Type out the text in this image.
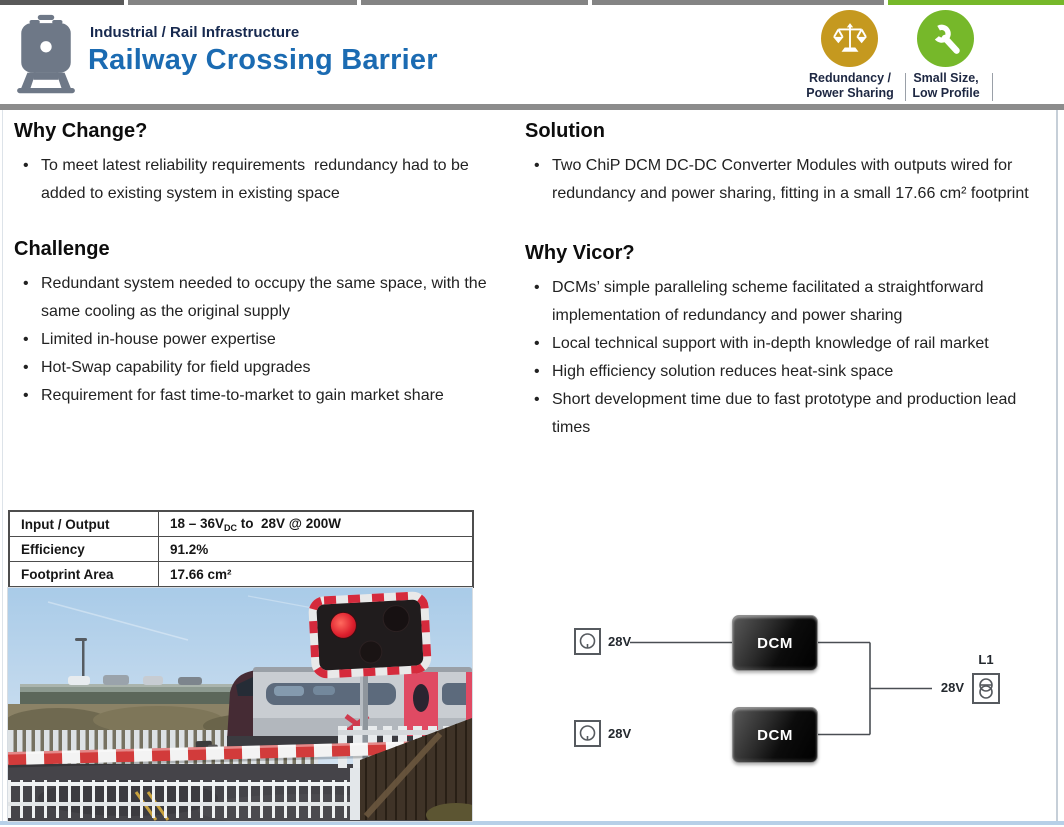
Industrial / Rail Infrastructure
Railway Crossing Barrier
Redundancy /
Power Sharing
Small Size,
Low Profile
Why Change?
• To meet latest reliability requirements  redundancy had to be added to existing system in existing space
Challenge
• Redundant system needed to occupy the same space, with the same cooling as the original supply
• Limited in-house power expertise
• Hot-Swap capability for field upgrades
• Requirement for fast time-to-market to gain market share
Solution
• Two ChiP DCM DC-DC Converter Modules with outputs wired for redundancy and power sharing, fitting in a small 17.66 cm² footprint
Why Vicor?
• DCMs’ simple paralleling scheme facilitated a straightforward implementation of redundancy and power sharing
• Local technical support with in-depth knowledge of rail market
• High efficiency solution reduces heat-sink space
• Short development time due to fast prototype and production lead times
Input / Output	$18 - 36V_{DC}$ to  28V @ 200W
Efficiency	91.2%
Footprint Area	17.66 cm²
28V
28V
DCM
DCM
28V
L1
